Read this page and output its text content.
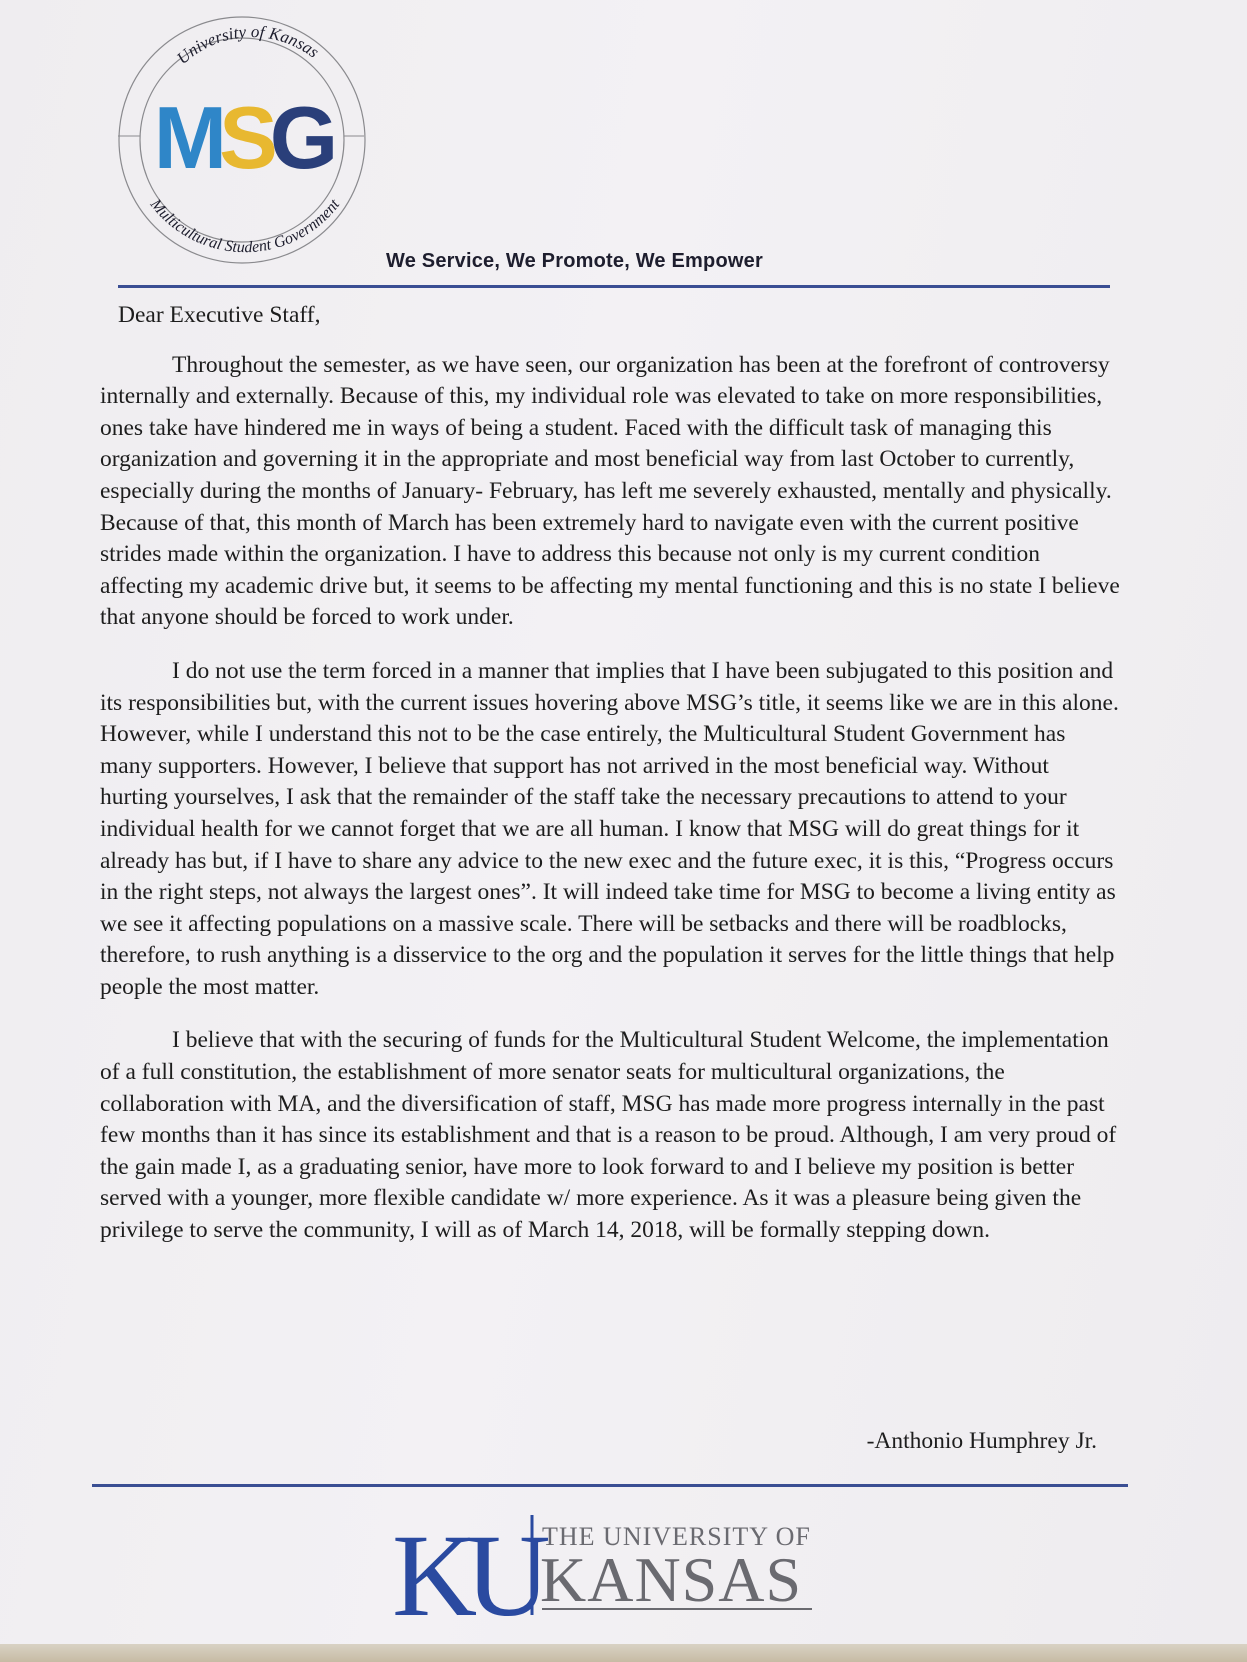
University of Kansas
MSG
Multicultural Student Government
We Service, We Promote, We Empower
Dear Executive Staff,

Throughout the semester, as we have seen, our organization has been at the forefront of controversy internally and externally. Because of this, my individual role was elevated to take on more responsibilities, ones take have hindered me in ways of being a student. Faced with the difficult task of managing this organization and governing it in the appropriate and most beneficial way from last October to currently, especially during the months of January- February, has left me severely exhausted, mentally and physically. Because of that, this month of March has been extremely hard to navigate even with the current positive strides made within the organization. I have to address this because not only is my current condition affecting my academic drive but, it seems to be affecting my mental functioning and this is no state I believe that anyone should be forced to work under.

I do not use the term forced in a manner that implies that I have been subjugated to this position and its responsibilities but, with the current issues hovering above MSG’s title, it seems like we are in this alone. However, while I understand this not to be the case entirely, the Multicultural Student Government has many supporters. However, I believe that support has not arrived in the most beneficial way. Without hurting yourselves, I ask that the remainder of the staff take the necessary precautions to attend to your individual health for we cannot forget that we are all human. I know that MSG will do great things for it already has but, if I have to share any advice to the new exec and the future exec, it is this, “Progress occurs in the right steps, not always the largest ones”. It will indeed take time for MSG to become a living entity as we see it affecting populations on a massive scale. There will be setbacks and there will be roadblocks, therefore, to rush anything is a disservice to the org and the population it serves for the little things that help people the most matter.

I believe that with the securing of funds for the Multicultural Student Welcome, the implementation of a full constitution, the establishment of more senator seats for multicultural organizations, the collaboration with MA, and the diversification of staff, MSG has made more progress internally in the past few months than it has since its establishment and that is a reason to be proud. Although, I am very proud of the gain made I, as a graduating senior, have more to look forward to and I believe my position is better served with a younger, more flexible candidate w/ more experience. As it was a pleasure being given the privilege to serve the community, I will as of March 14, 2018, will be formally stepping down.

-Anthonio Humphrey Jr.
KU THE UNIVERSITY OF
KANSAS
